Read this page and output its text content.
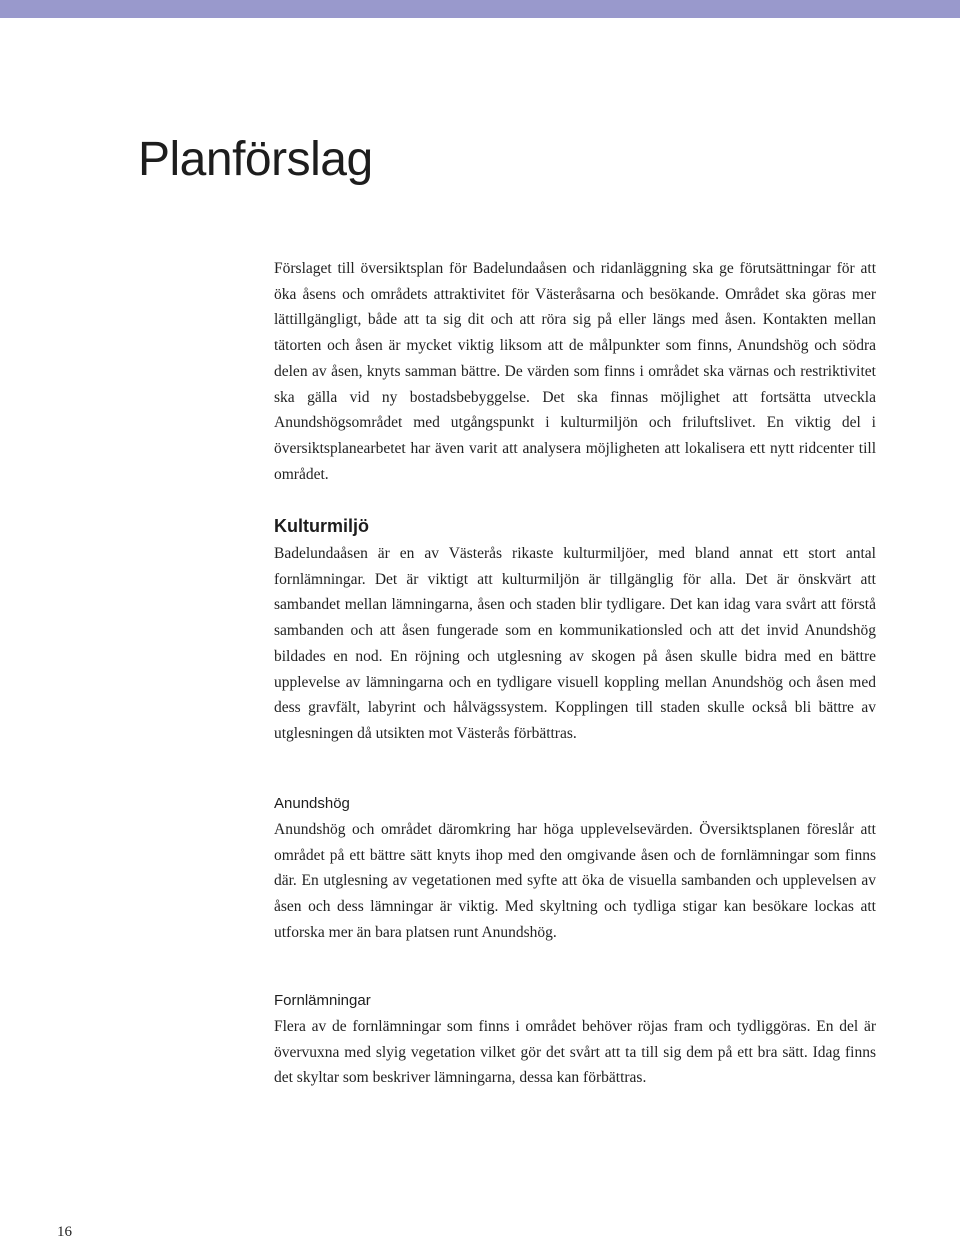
Planförslag

Förslaget till översiktsplan för Badelundaåsen och ridanläggning ska ge förutsättningar för att öka åsens och områdets attraktivitet för Västeråsarna och besökande. Området ska göras mer lättillgängligt, både att ta sig dit och att röra sig på eller längs med åsen. Kontakten mellan tätorten och åsen är mycket viktig liksom att de målpunkter som finns, Anundshög och södra delen av åsen, knyts samman bättre. De värden som finns i området ska värnas och restriktivitet ska gälla vid ny bostadsbebyggelse. Det ska finnas möjlighet att fortsätta utveckla Anundshögsområdet med utgångspunkt i kulturmiljön och friluftslivet. En viktig del i översiktsplanearbetet har även varit att analysera möjligheten att lokalisera ett nytt ridcenter till området.

Kulturmiljö

Badelundaåsen är en av Västerås rikaste kulturmiljöer, med bland annat ett stort antal fornlämningar. Det är viktigt att kulturmiljön är tillgänglig för alla. Det är önskvärt att sambandet mellan lämningarna, åsen och staden blir tydligare. Det kan idag vara svårt att förstå sambanden och att åsen fungerade som en kommunikationsled och att det invid Anundshög bildades en nod. En röjning och utglesning av skogen på åsen skulle bidra med en bättre upplevelse av lämningarna och en tydligare visuell koppling mellan Anundshög och åsen med dess gravfält, labyrint och hålvägssystem. Kopplingen till staden skulle också bli bättre av utglesningen då utsikten mot Västerås förbättras.

Anundshög

Anundshög och området däromkring har höga upplevelsevärden. Översiktsplanen föreslår att området på ett bättre sätt knyts ihop med den omgivande åsen och de fornlämningar som finns där. En utglesning av vegetationen med syfte att öka de visuella sambanden och upplevelsen av åsen och dess lämningar är viktig. Med skyltning och tydliga stigar kan besökare lockas att utforska mer än bara platsen runt Anundshög.

Fornlämningar

Flera av de fornlämningar som finns i området behöver röjas fram och tydliggöras. En del är övervuxna med slyig vegetation vilket gör det svårt att ta till sig dem på ett bra sätt. Idag finns det skyltar som beskriver lämningarna, dessa kan förbättras.

16
